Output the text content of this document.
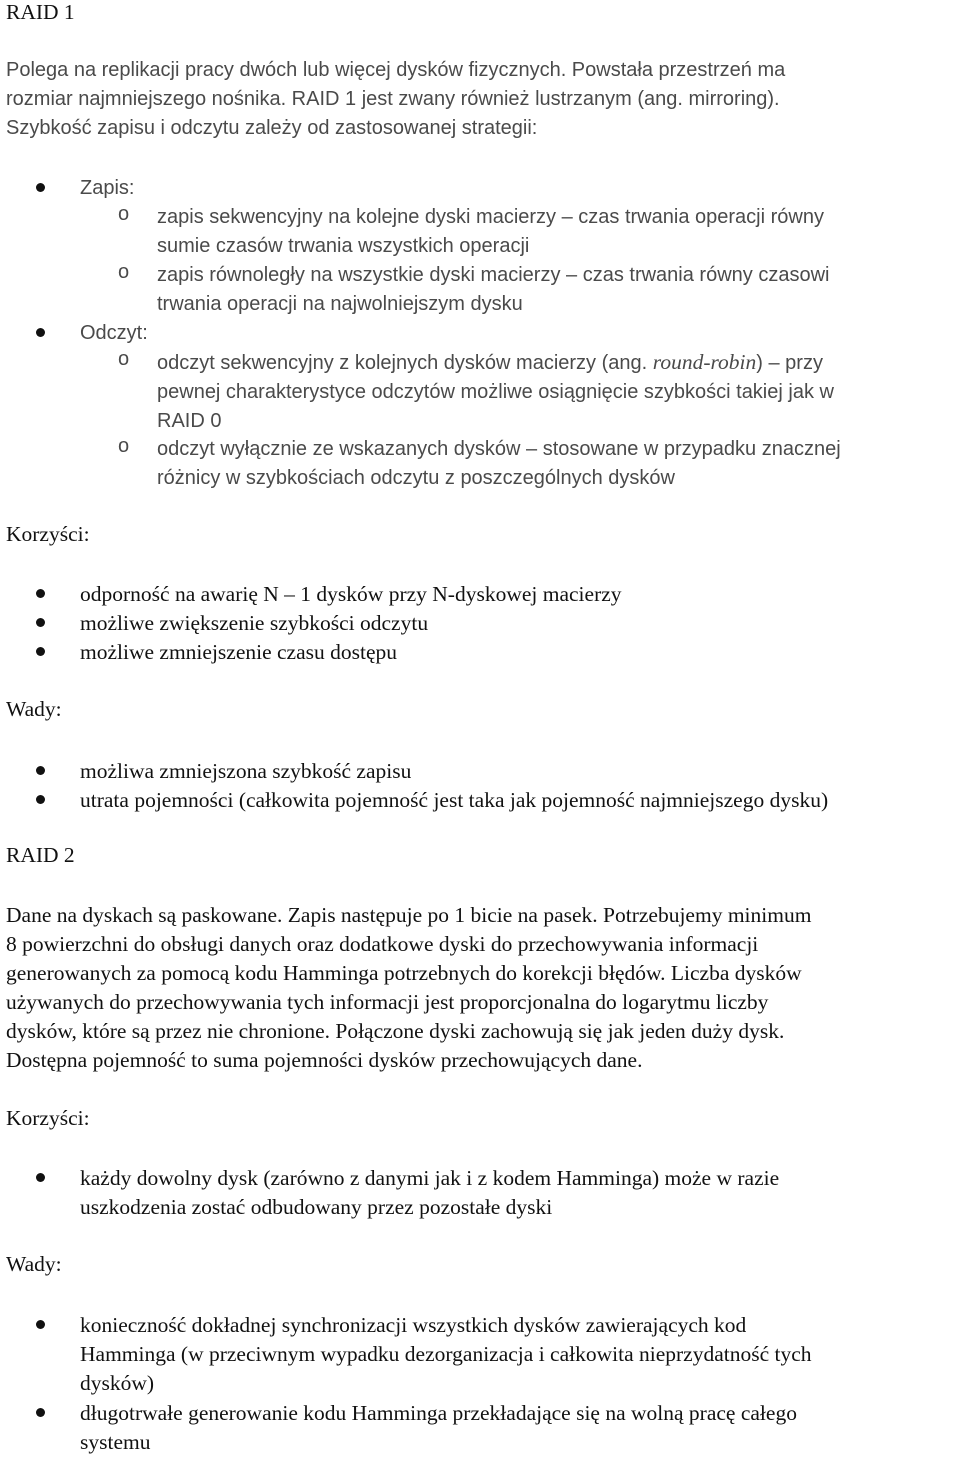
RAID 1
Polega na replikacji pracy dwóch lub więcej dysków fizycznych. Powstała przestrzeń ma
rozmiar najmniejszego nośnika. RAID 1 jest zwany również lustrzanym (ang. mirroring).
Szybkość zapisu i odczytu zależy od zastosowanej strategii:
Zapis:
o zapis sekwencyjny na kolejne dyski macierzy – czas trwania operacji równy
sumie czasów trwania wszystkich operacji
o zapis równoległy na wszystkie dyski macierzy – czas trwania równy czasowi
trwania operacji na najwolniejszym dysku
Odczyt:
o odczyt sekwencyjny z kolejnych dysków macierzy (ang. round-robin) – przy
pewnej charakterystyce odczytów możliwe osiągnięcie szybkości takiej jak w
RAID 0
o odczyt wyłącznie ze wskazanych dysków – stosowane w przypadku znacznej
różnicy w szybkościach odczytu z poszczególnych dysków
Korzyści:
odporność na awarię N – 1 dysków przy N-dyskowej macierzy
możliwe zwiększenie szybkości odczytu
możliwe zmniejszenie czasu dostępu
Wady:
możliwa zmniejszona szybkość zapisu
utrata pojemności (całkowita pojemność jest taka jak pojemność najmniejszego dysku)
RAID 2
Dane na dyskach są paskowane. Zapis następuje po 1 bicie na pasek. Potrzebujemy minimum
8 powierzchni do obsługi danych oraz dodatkowe dyski do przechowywania informacji
generowanych za pomocą kodu Hamminga potrzebnych do korekcji błędów. Liczba dysków
używanych do przechowywania tych informacji jest proporcjonalna do logarytmu liczby
dysków, które są przez nie chronione. Połączone dyski zachowują się jak jeden duży dysk.
Dostępna pojemność to suma pojemności dysków przechowujących dane.
Korzyści:
każdy dowolny dysk (zarówno z danymi jak i z kodem Hamminga) może w razie
uszkodzenia zostać odbudowany przez pozostałe dyski
Wady:
konieczność dokładnej synchronizacji wszystkich dysków zawierających kod
Hamminga (w przeciwnym wypadku dezorganizacja i całkowita nieprzydatność tych
dysków)
długotrwałe generowanie kodu Hamminga przekładające się na wolną pracę całego
systemu
